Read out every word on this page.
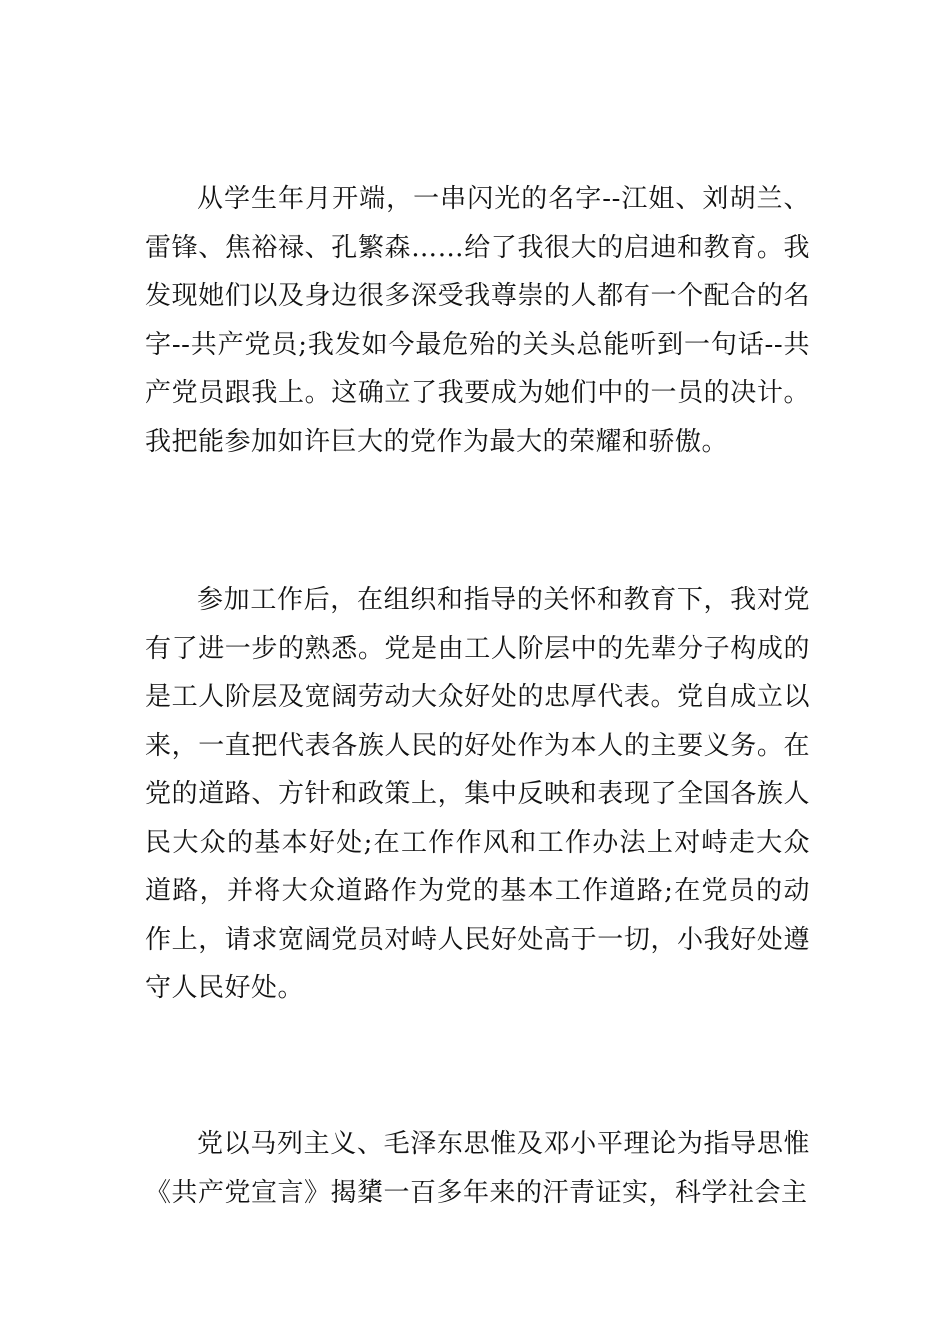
从学生年月开端，一串闪光的名字--江姐、刘胡兰、雷锋、焦裕禄、孔繁森……给了我很大的启迪和教育。我发现她们以及身边很多深受我尊崇的人都有一个配合的名字--共产党员;我发如今最危殆的关头总能听到一句话--共产党员跟我上。这确立了我要成为她们中的一员的决计。我把能参加如许巨大的党作为最大的荣耀和骄傲。

参加工作后，在组织和指导的关怀和教育下，我对党有了进一步的熟悉。党是由工人阶层中的先辈分子构成的是工人阶层及宽阔劳动大众好处的忠厚代表。党自成立以来，一直把代表各族人民的好处作为本人的主要义务。在党的道路、方针和政策上，集中反映和表现了全国各族人民大众的基本好处;在工作作风和工作办法上对峙走大众道路，并将大众道路作为党的基本工作道路;在党员的动作上，请求宽阔党员对峙人民好处高于一切，小我好处遵守人民好处。

党以马列主义、毛泽东思惟及邓小平理论为指导思惟《共产党宣言》揭橥一百多年来的汗青证实，科学社会主
